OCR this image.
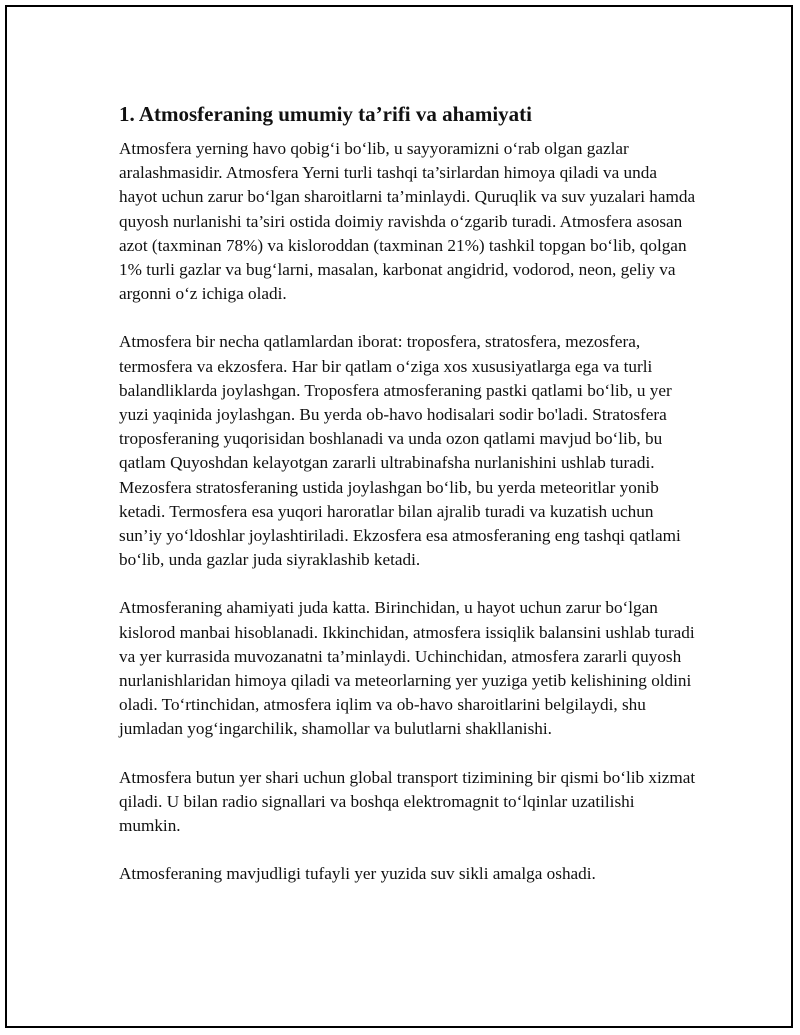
1. Atmosferaning umumiy ta’rifi va ahamiyati

Atmosfera yerning havo qobig‘i bo‘lib, u sayyoramizni o‘rab olgan gazlar aralashmasidir. Atmosfera Yerni turli tashqi ta’sirlardan himoya qiladi va unda hayot uchun zarur bo‘lgan sharoitlarni ta’minlaydi. Quruqlik va suv yuzalari hamda quyosh nurlanishi ta’siri ostida doimiy ravishda o‘zgarib turadi. Atmosfera asosan azot (taxminan 78%) va kisloroddan (taxminan 21%) tashkil topgan bo‘lib, qolgan 1% turli gazlar va bug‘larni, masalan, karbonat angidrid, vodorod, neon, geliy va argonni o‘z ichiga oladi.

Atmosfera bir necha qatlamlardan iborat: troposfera, stratosfera, mezosfera, termosfera va ekzosfera. Har bir qatlam o‘ziga xos xususiyatlarga ega va turli balandliklarda joylashgan. Troposfera atmosferaning pastki qatlami bo‘lib, u yer yuzi yaqinida joylashgan. Bu yerda ob-havo hodisalari sodir bo'ladi. Stratosfera troposferaning yuqorisidan boshlanadi va unda ozon qatlami mavjud bo‘lib, bu qatlam Quyoshdan kelayotgan zararli ultrabinafsha nurlanishini ushlab turadi. Mezosfera stratosferaning ustida joylashgan bo‘lib, bu yerda meteoritlar yonib ketadi. Termosfera esa yuqori haroratlar bilan ajralib turadi va kuzatish uchun sun’iy yo‘ldoshlar joylashtiriladi. Ekzosfera esa atmosferaning eng tashqi qatlami bo‘lib, unda gazlar juda siyraklashib ketadi.

Atmosferaning ahamiyati juda katta. Birinchidan, u hayot uchun zarur bo‘lgan kislorod manbai hisoblanadi. Ikkinchidan, atmosfera issiqlik balansini ushlab turadi va yer kurrasida muvozanatni ta’minlaydi. Uchinchidan, atmosfera zararli quyosh nurlanishlaridan himoya qiladi va meteorlarning yer yuziga yetib kelishining oldini oladi. To‘rtinchidan, atmosfera iqlim va ob-havo sharoitlarini belgilaydi, shu jumladan yog‘ingarchilik, shamollar va bulutlarni shakllanishi.

Atmosfera butun yer shari uchun global transport tizimining bir qismi bo‘lib xizmat qiladi. U bilan radio signallari va boshqa elektromagnit to‘lqinlar uzatilishi mumkin.

Atmosferaning mavjudligi tufayli yer yuzida suv sikli amalga oshadi.
